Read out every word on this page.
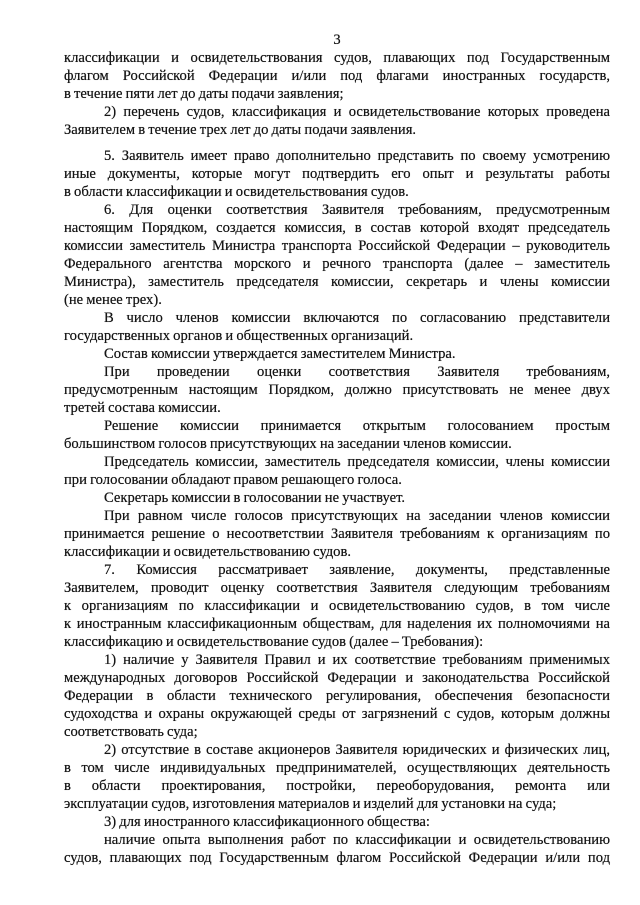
3
классификации и освидетельствования судов, плавающих под Государственным
флагом Российской Федерации и/или под флагами иностранных государств,
в течение пяти лет до даты подачи заявления;
2) перечень судов, классификация и освидетельствование которых проведена
Заявителем в течение трех лет до даты подачи заявления.
5. Заявитель имеет право дополнительно представить по своему усмотрению
иные документы, которые могут подтвердить его опыт и результаты работы
в области классификации и освидетельствования судов.
6. Для оценки соответствия Заявителя требованиям, предусмотренным
настоящим Порядком, создается комиссия, в состав которой входят председатель
комиссии заместитель Министра транспорта Российской Федерации – руководитель
Федерального агентства морского и речного транспорта (далее – заместитель
Министра), заместитель председателя комиссии, секретарь и члены комиссии
(не менее трех).
В число членов комиссии включаются по согласованию представители
государственных органов и общественных организаций.
Состав комиссии утверждается заместителем Министра.
При проведении оценки соответствия Заявителя требованиям,
предусмотренным настоящим Порядком, должно присутствовать не менее двух
третей состава комиссии.
Решение комиссии принимается открытым голосованием простым
большинством голосов присутствующих на заседании членов комиссии.
Председатель комиссии, заместитель председателя комиссии, члены комиссии
при голосовании обладают правом решающего голоса.
Секретарь комиссии в голосовании не участвует.
При равном числе голосов присутствующих на заседании членов комиссии
принимается решение о несоответствии Заявителя требованиям к организациям по
классификации и освидетельствованию судов.
7. Комиссия рассматривает заявление, документы, представленные
Заявителем, проводит оценку соответствия Заявителя следующим требованиям
к организациям по классификации и освидетельствованию судов, в том числе
к иностранным классификационным обществам, для наделения их полномочиями на
классификацию и освидетельствование судов (далее – Требования):
1) наличие у Заявителя Правил и их соответствие требованиям применимых
международных договоров Российской Федерации и законодательства Российской
Федерации в области технического регулирования, обеспечения безопасности
судоходства и охраны окружающей среды от загрязнений с судов, которым должны
соответствовать суда;
2) отсутствие в составе акционеров Заявителя юридических и физических лиц,
в том числе индивидуальных предпринимателей, осуществляющих деятельность
в области проектирования, постройки, переоборудования, ремонта или
эксплуатации судов, изготовления материалов и изделий для установки на суда;
3) для иностранного классификационного общества:
наличие опыта выполнения работ по классификации и освидетельствованию
судов, плавающих под Государственным флагом Российской Федерации и/или под
